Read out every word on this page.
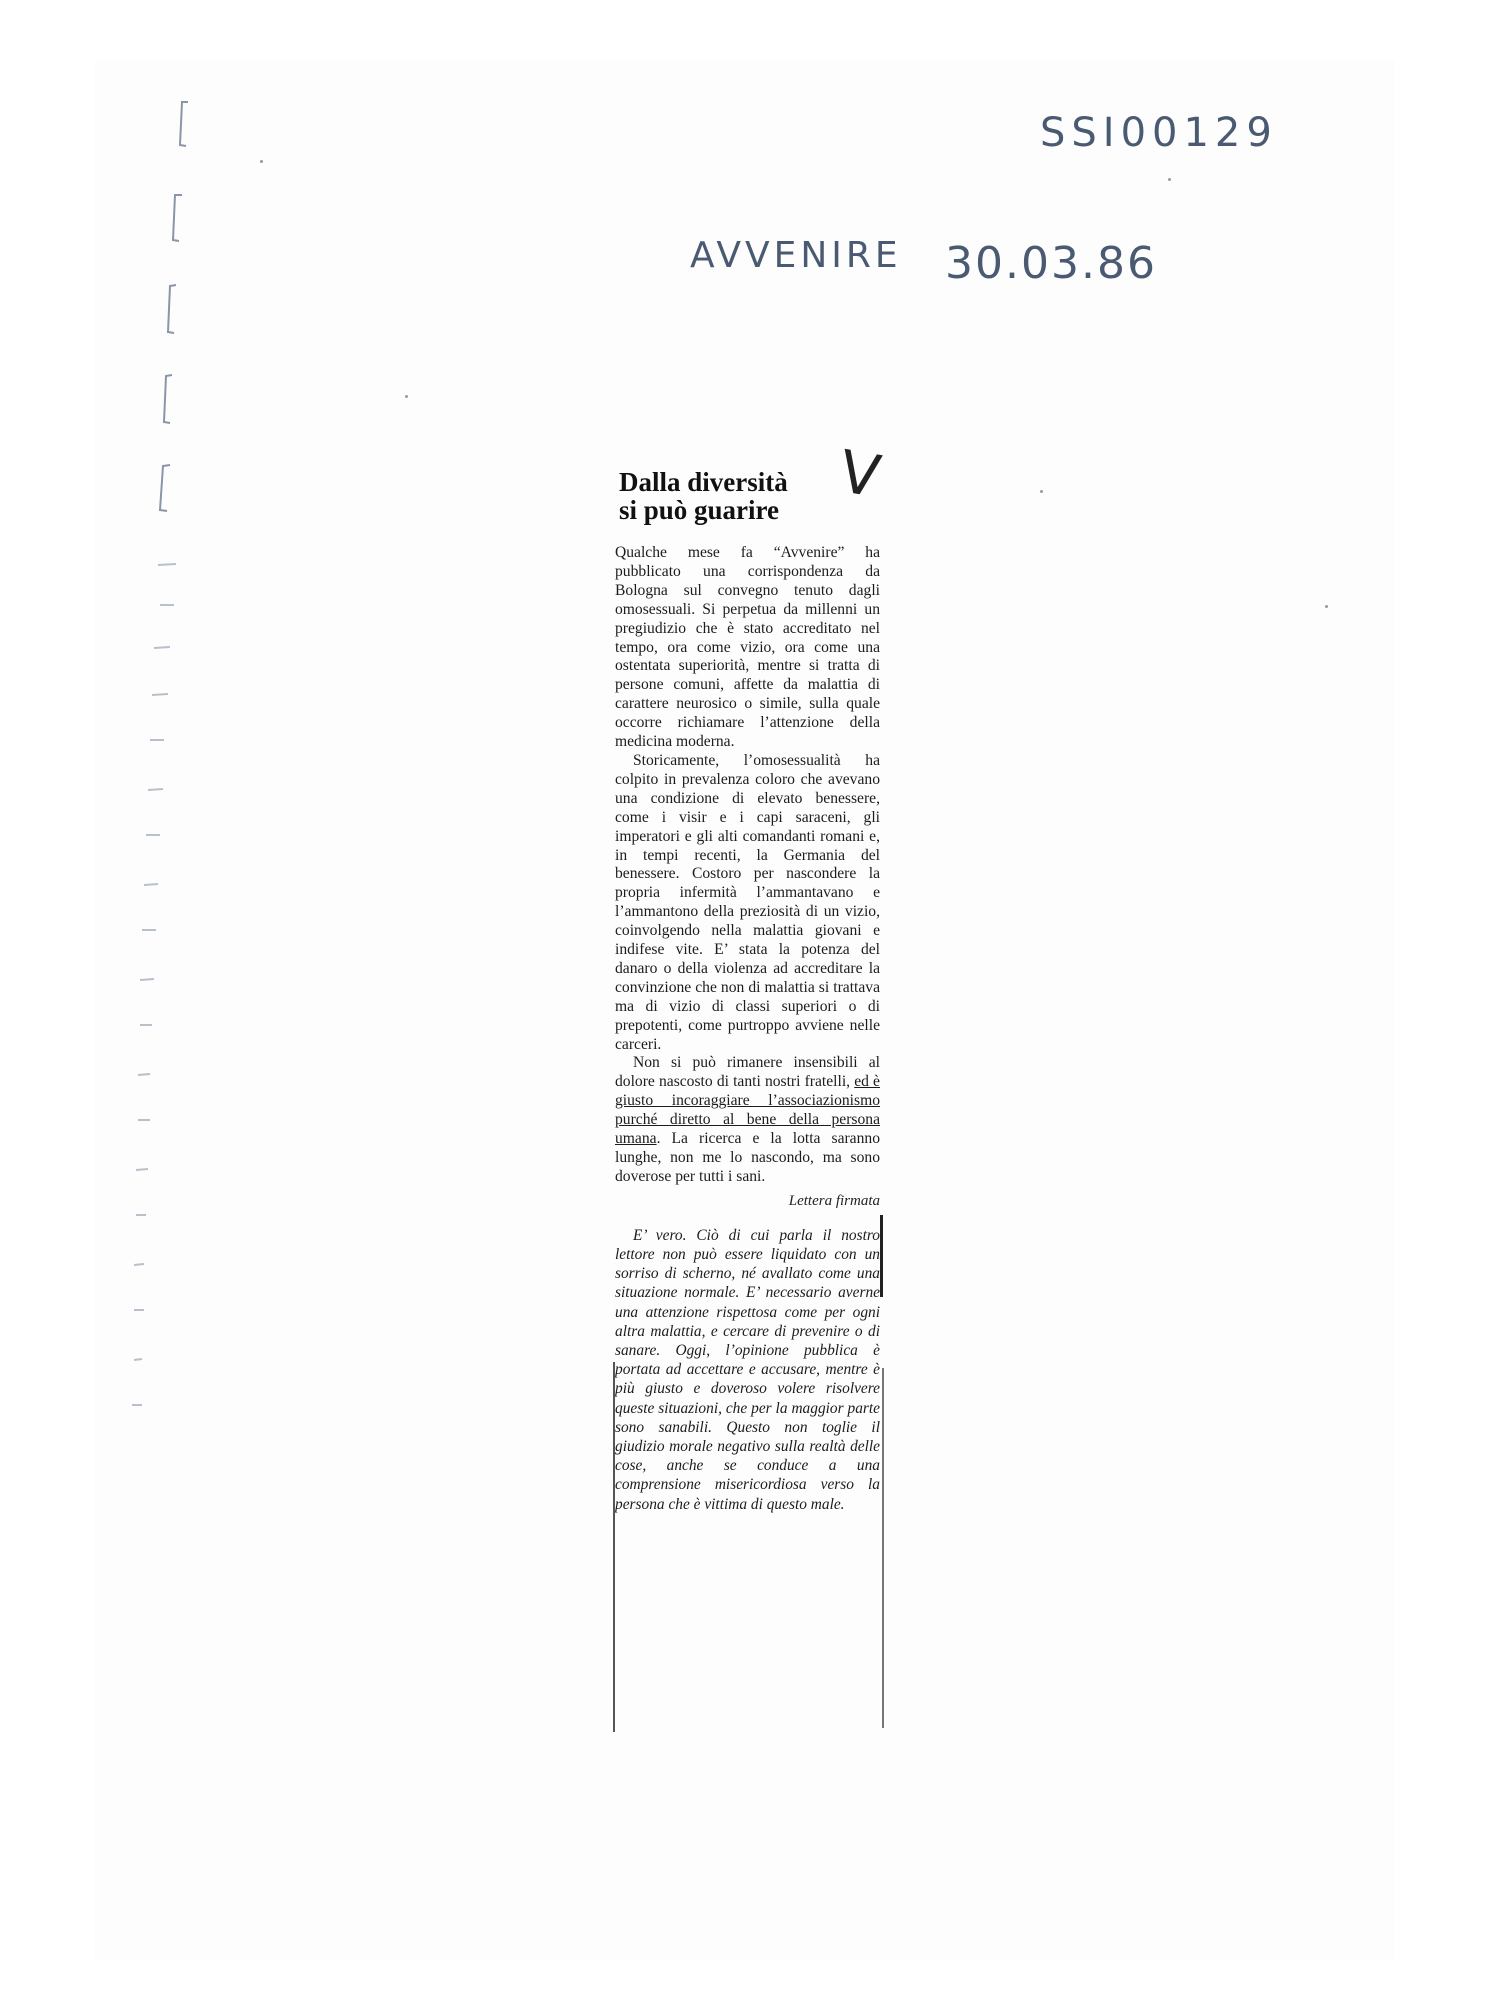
SSI00129
AVVENIRE 30.03.86
V
Dalla diversità
si può guarire

Qualche mese fa “Avvenire” ha pubblicato una corrispondenza da Bologna sul convegno tenuto dagli omosessuali. Si perpetua da millenni un pregiudizio che è stato accreditato nel tempo, ora come vizio, ora come una ostentata superiorità, mentre si tratta di persone comuni, affette da malattia di carattere neurosico o simile, sulla quale occorre richiamare l’attenzione della medicina moderna.

Storicamente, l’omosessualità ha colpito in prevalenza coloro che avevano una condizione di elevato benessere, come i visir e i capi saraceni, gli imperatori e gli alti comandanti romani e, in tempi recenti, la Germania del benessere. Costoro per nascondere la propria infermità l’ammantavano e l’ammantono della preziosità di un vizio, coinvolgendo nella malattia giovani e indifese vite. E’ stata la potenza del danaro o della violenza ad accreditare la convinzione che non di malattia si trattava ma di vizio di classi superiori o di prepotenti, come purtroppo avviene nelle carceri.

Non si può rimanere insensibili al dolore nascosto di tanti nostri fratelli, ed è giusto incoraggiare l’associazionismo purché diretto al bene della persona umana. La ricerca e la lotta saranno lunghe, non me lo nascondo, ma sono doverose per tutti i sani.

Lettera firmata

E’ vero. Ciò di cui parla il nostro lettore non può essere liquidato con un sorriso di scherno, né avallato come una situazione normale. E’ necessario averne una attenzione rispettosa come per ogni altra malattia, e cercare di prevenire o di sanare. Oggi, l’opinione pubblica è portata ad accettare e accusare, mentre è più giusto e doveroso volere risolvere queste situazioni, che per la maggior parte sono sanabili. Questo non toglie il giudizio morale negativo sulla realtà delle cose, anche se conduce a una comprensione misericordiosa verso la persona che è vittima di questo male.
